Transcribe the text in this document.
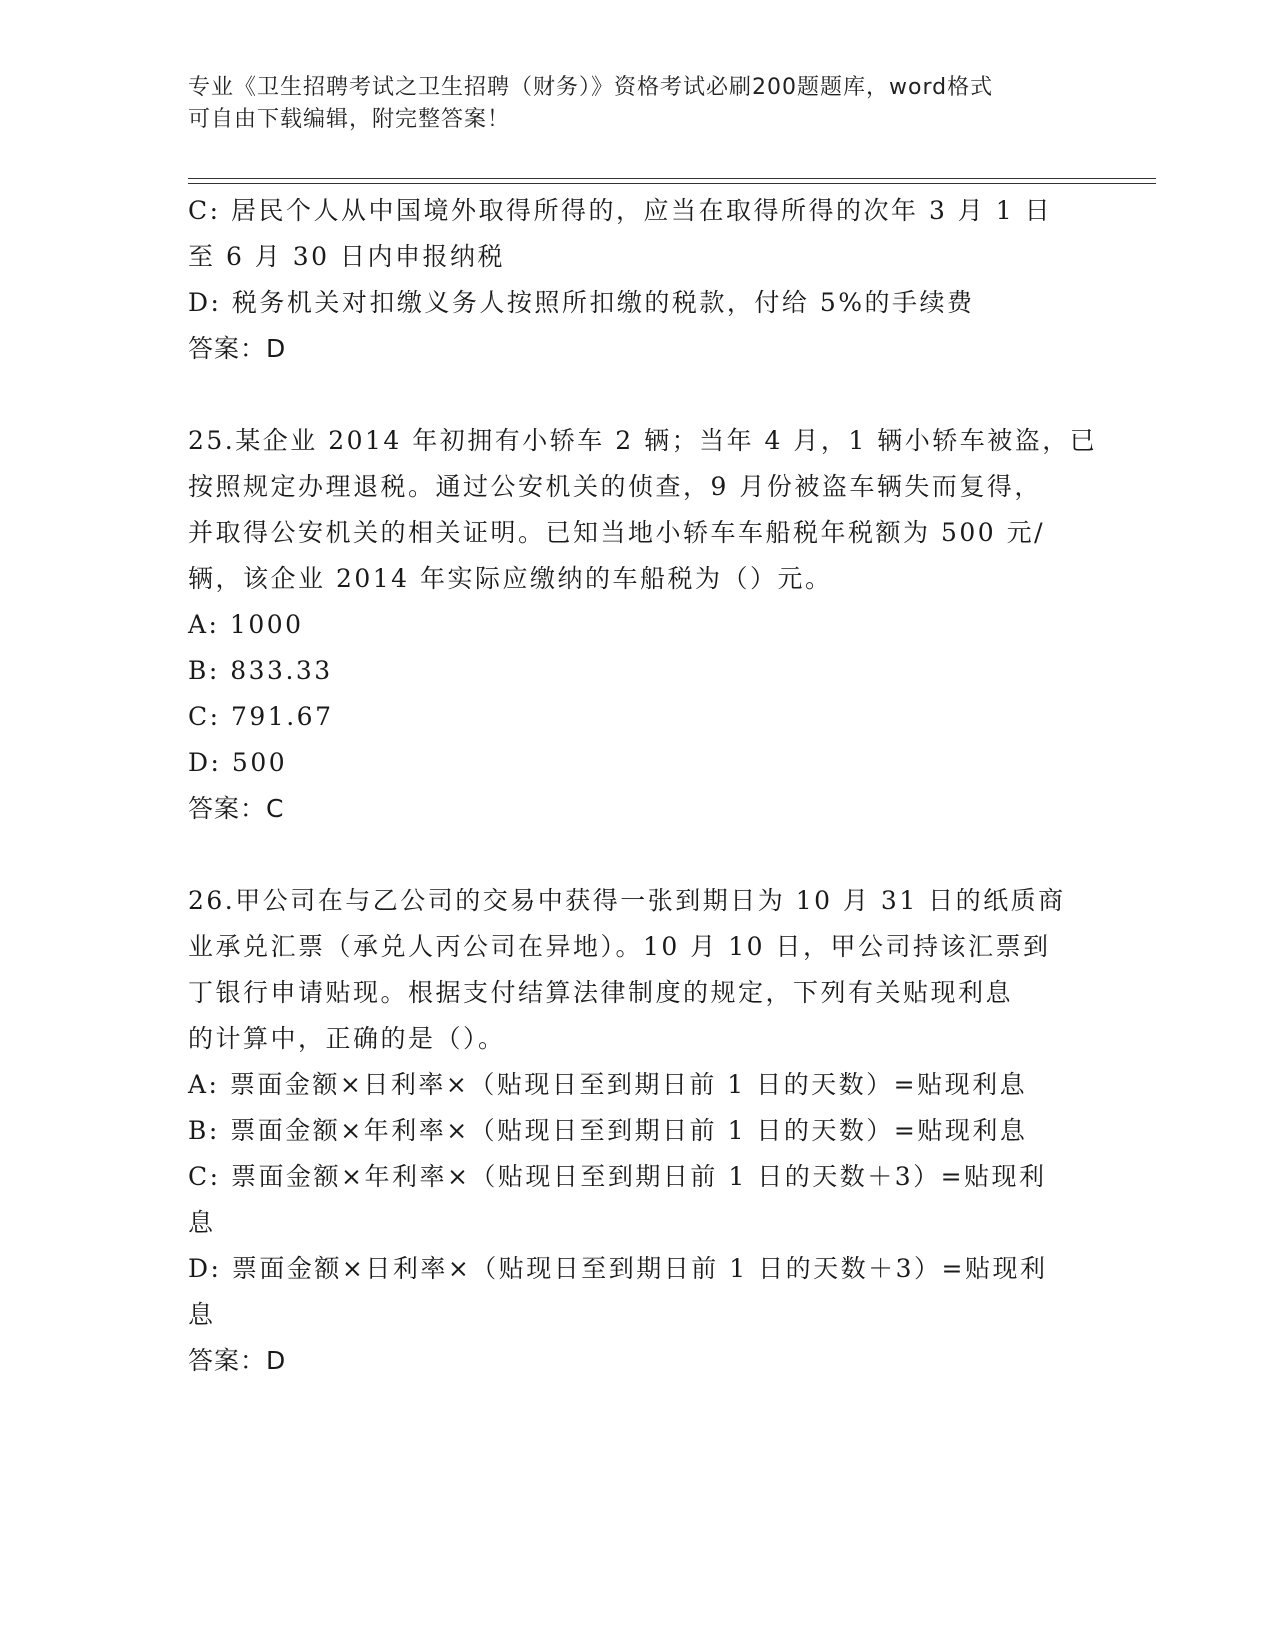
专业《卫生招聘考试之卫生招聘（财务）》资格考试必刷200题题库，word格式
可自由下载编辑，附完整答案！
C: 居民个人从中国境外取得所得的，应当在取得所得的次年 3 月 1 日
至 6 月 30 日内申报纳税
D: 税务机关对扣缴义务人按照所扣缴的税款，付给 5%的手续费
答案：D
25.某企业 2014 年初拥有小轿车 2 辆；当年 4 月，1 辆小轿车被盗，已
按照规定办理退税。通过公安机关的侦查，9 月份被盗车辆失而复得，
并取得公安机关的相关证明。已知当地小轿车车船税年税额为 500 元/
辆，该企业 2014 年实际应缴纳的车船税为（）元。
A: 1000
B: 833.33
C: 791.67
D: 500
答案：C
26.甲公司在与乙公司的交易中获得一张到期日为 10 月 31 日的纸质商
业承兑汇票（承兑人丙公司在异地）。10 月 10 日，甲公司持该汇票到
丁银行申请贴现。根据支付结算法律制度的规定，下列有关贴现利息
的计算中，正确的是（）。
A: 票面金额×日利率×（贴现日至到期日前 1 日的天数）=贴现利息
B: 票面金额×年利率×（贴现日至到期日前 1 日的天数）=贴现利息
C: 票面金额×年利率×（贴现日至到期日前 1 日的天数＋3）=贴现利
息
D: 票面金额×日利率×（贴现日至到期日前 1 日的天数＋3）=贴现利
息
答案：D
